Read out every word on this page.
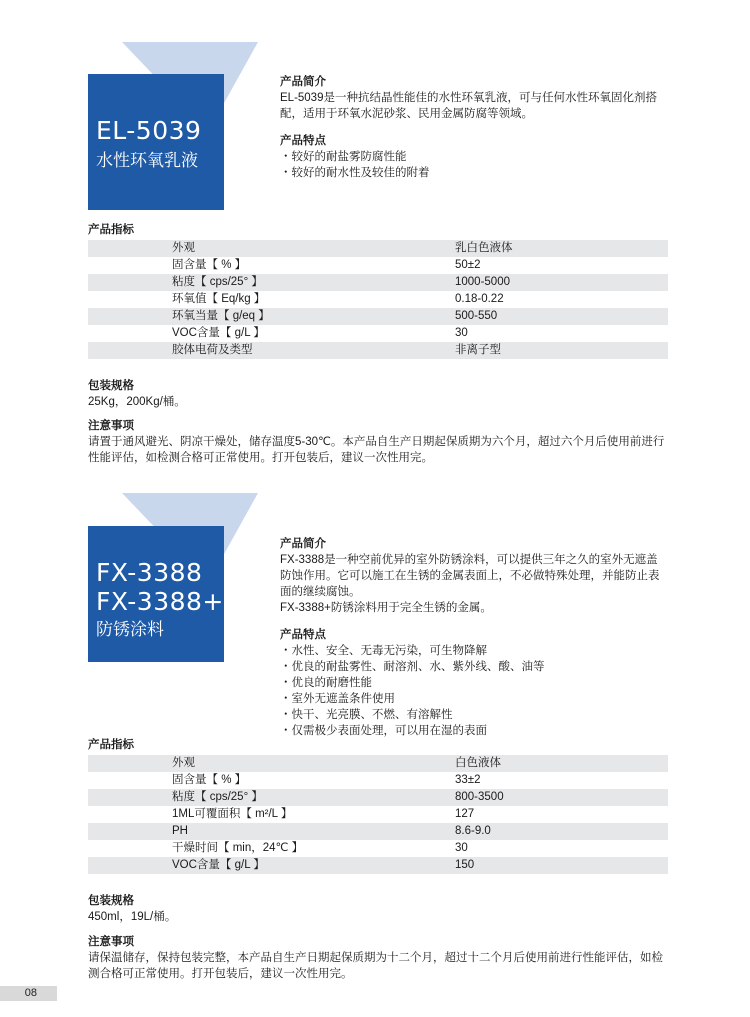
EL-5039
水性环氧乳液

产品简介

EL-5039是一种抗结晶性能佳的水性环氧乳液，可与任何水性环氧固化剂搭

配，适用于环氧水泥砂浆、民用金属防腐等领域。

产品特点

・较好的耐盐雾防腐性能

・较好的耐水性及较佳的附着

产品指标

外观	乳白色液体
固含量【 % 】	50±2
粘度【 cps/25° 】	1000-5000
环氧值【 Eq/kg 】	0.18-0.22
环氧当量【 g/eq 】	500-550
VOC含量【 g/L 】	30
胶体电荷及类型	非离子型

包装规格

25Kg，200Kg/桶。

注意事项

请置于通风避光、阴凉干燥处，储存温度5-30℃。本产品自生产日期起保质期为六个月，超过六个月后使用前进行

性能评估，如检测合格可正常使用。打开包装后，建议一次性用完。

FX-3388
FX-3388+
防锈涂料

产品简介

FX-3388是一种空前优异的室外防锈涂料，可以提供三年之久的室外无遮盖

防蚀作用。它可以施工在生锈的金属表面上，不必做特殊处理，并能防止表

面的继续腐蚀。

FX-3388+防锈涂料用于完全生锈的金属。

产品特点

・水性、安全、无毒无污染，可生物降解

・优良的耐盐雾性、耐溶剂、水、紫外线、酸、油等

・优良的耐磨性能

・室外无遮盖条件使用

・快干、光亮膜、不燃、有溶解性

・仅需极少表面处理，可以用在湿的表面

产品指标

外观	白色液体
固含量【 % 】	33±2
粘度【 cps/25° 】	800-3500
1ML可覆面积【 m²/L 】	127
PH	8.6-9.0
干燥时间【 min，24℃ 】	30
VOC含量【 g/L 】	150

包装规格

450ml，19L/桶。

注意事项

请保温储存，保持包装完整，本产品自生产日期起保质期为十二个月，超过十二个月后使用前进行性能评估，如检

测合格可正常使用。打开包装后，建议一次性用完。

08
